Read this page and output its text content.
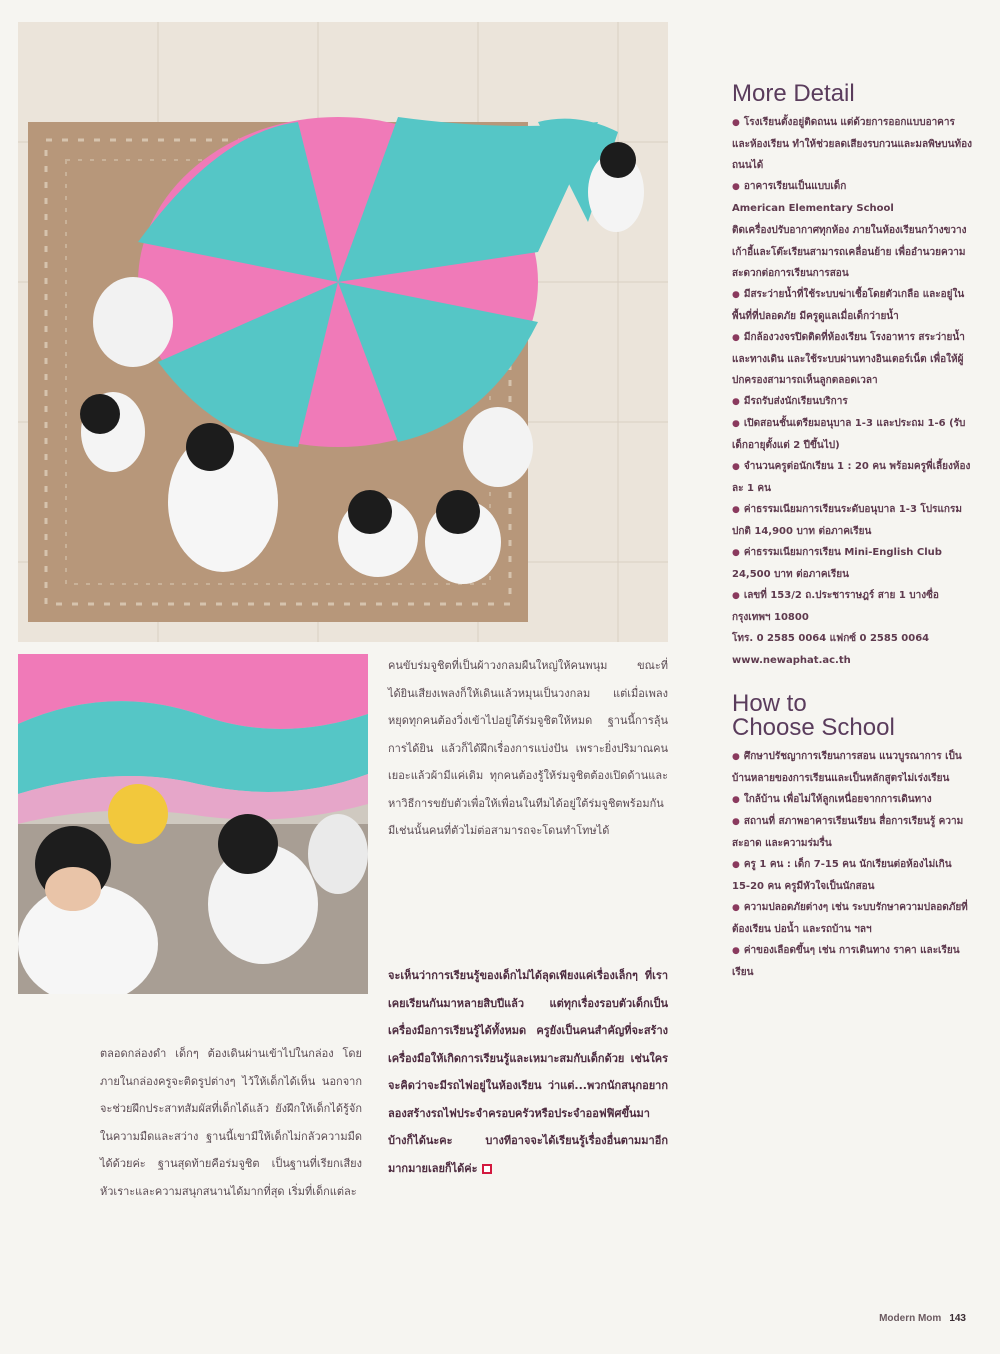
More Detail

● โรงเรียนตั้งอยู่ติดถนน แต่ด้วยการออกแบบอาคารและห้องเรียน ทำให้ช่วยลดเสียงรบกวนและมลพิษบนท้องถนนได้

● อาคารเรียนเป็นแบบเด็ก

American Elementary School

ติดเครื่องปรับอากาศทุกห้อง ภายในห้องเรียนกว้างขวาง เก้าอี้และโต๊ะเรียนสามารถเคลื่อนย้าย เพื่ออำนวยความสะดวกต่อการเรียนการสอน

● มีสระว่ายน้ำที่ใช้ระบบฆ่าเชื้อโดยตัวเกลือ และอยู่ในพื้นที่ที่ปลอดภัย มีครูดูแลเมื่อเด็กว่ายน้ำ

● มีกล้องวงจรปิดติดที่ห้องเรียน โรงอาหาร สระว่ายน้ำ และทางเดิน และใช้ระบบผ่านทางอินเตอร์เน็ต เพื่อให้ผู้ปกครองสามารถเห็นลูกตลอดเวลา

● มีรถรับส่งนักเรียนบริการ

● เปิดสอนชั้นเตรียมอนุบาล 1-3 และประถม 1-6 (รับเด็กอายุตั้งแต่ 2 ปีขึ้นไป)

● จำนวนครูต่อนักเรียน 1 : 20 คน พร้อมครูพี่เลี้ยงห้องละ 1 คน

● ค่าธรรมเนียมการเรียนระดับอนุบาล 1-3 โปรแกรมปกติ 14,900 บาท ต่อภาคเรียน

● ค่าธรรมเนียมการเรียน Mini-English Club 24,500 บาท ต่อภาคเรียน

● เลขที่ 153/2 ถ.ประชาราษฎร์ สาย 1 บางซื่อ กรุงเทพฯ 10800

โทร. 0 2585 0064 แฟกซ์ 0 2585 0064

www.newaphat.ac.th

How to
Choose School

● ศึกษาปรัชญาการเรียนการสอน แนวบูรณาการ เป็นบ้านหลายของการเรียนและเป็นหลักสูตรไม่เร่งเรียน

● ใกล้บ้าน เพื่อไม่ให้ลูกเหนื่อยจากการเดินทาง

● สถานที่ สภาพอาคารเรียนเรียน สื่อการเรียนรู้ ความสะอาด และความร่มรื่น

● ครู 1 คน : เด็ก 7-15 คน นักเรียนต่อห้องไม่เกิน 15-20 คน ครูมีหัวใจเป็นนักสอน

● ความปลอดภัยต่างๆ เช่น ระบบรักษาความปลอดภัยที่ต้องเรียน บ่อน้ำ และรถบ้าน ฯลฯ

● ค่าของเลือดขึ้นๆ เช่น การเดินทาง ราคา และเรียนเรียน

คนขับร่มจูชิตที่เป็นผ้าวงกลมผืนใหญ่ให้คนพนุม ขณะที่ได้ยินเสียงเพลงก็ให้เดินแล้วหมุนเป็นวงกลม แต่เมื่อเพลงหยุดทุกคนต้องวิ่งเข้าไปอยู่ใต้ร่มจูชิตให้หมด ฐานนี้การลุ้นการได้ยิน แล้วก็ได้ฝึกเรื่องการแบ่งปัน เพราะยิ่งปริมาณคนเยอะแล้วผ้ามีแค่เดิม ทุกคนต้องรู้ให้ร่มจูชิตต้องเปิดด้านและหาวิธีการขยับตัวเพื่อให้เพื่อนในทีมได้อยู่ใต้ร่มจูชิตพร้อมกัน มีเช่นนั้นคนที่ตัวไม่ต่อสามารถจะโดนทำโทษได้

จะเห็นว่าการเรียนรู้ของเด็กไม่ได้ลุดเพียงแค่เรื่องเล็กๆ ที่เราเคยเรียนกันมาหลายสิบปีแล้ว แต่ทุกเรื่องรอบตัวเด็กเป็นเครื่องมือการเรียนรู้ได้ทั้งหมด ครูยังเป็นคนสำคัญที่จะสร้างเครื่องมือให้เกิดการเรียนรู้และเหมาะสมกับเด็กด้วย เช่นใครจะคิดว่าจะมีรถไฟอยู่ในห้องเรียน ว่าแต่...พวกนักสนุกอยากลองสร้างรถไฟประจำครอบครัวหรือประจำออฟฟิศขึ้นมาบ้างก็ได้นะคะ บางทีอาจจะได้เรียนรู้เรื่องอื่นตามมาอีกมากมายเลยก็ได้ค่ะ

ตลอดกล่องดำ เด็กๆ ต้องเดินผ่านเข้าไปในกล่อง โดยภายในกล่องครูจะติดรูปต่างๆ ไว้ให้เด็กได้เห็น นอกจากจะช่วยฝึกประสาทสัมผัสที่เด็กได้แล้ว ยังฝึกให้เด็กได้รู้จักในความมืดและสว่าง ฐานนี้เขามีให้เด็กไม่กลัวความมืดได้ด้วยค่ะ ฐานสุดท้ายคือร่มจูชิต เป็นฐานที่เรียกเสียงหัวเราะและความสนุกสนานได้มากที่สุด เริ่มที่เด็กแต่ละ

Modern Mom 143
